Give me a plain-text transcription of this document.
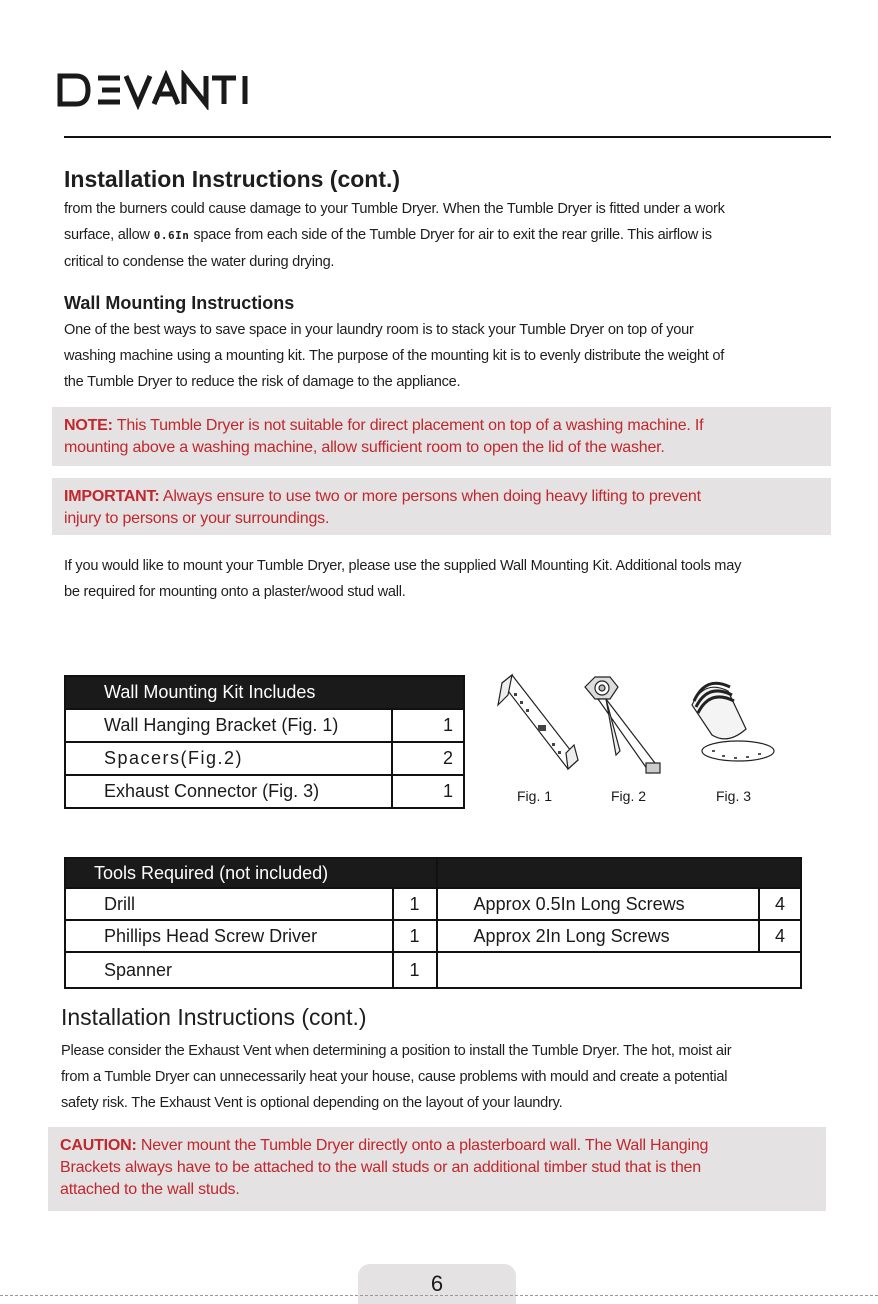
DEVANTI
Installation Instructions (cont.)
from the burners could cause damage to your Tumble Dryer. When the Tumble Dryer is fitted under a work
surface, allow 0.6In space from each side of the Tumble Dryer for air to exit the rear grille. This airflow is
critical to condense the water during drying.
Wall Mounting Instructions
One of the best ways to save space in your laundry room is to stack your Tumble Dryer on top of your
washing machine using a mounting kit. The purpose of the mounting kit is to evenly distribute the weight of
the Tumble Dryer to reduce the risk of damage to the appliance.
NOTE: This Tumble Dryer is not suitable for direct placement on top of a washing machine. If
mounting above a washing machine, allow sufficient room to open the lid of the washer.
IMPORTANT: Always ensure to use two or more persons when doing heavy lifting to prevent
injury to persons or your surroundings.
If you would like to mount your Tumble Dryer, please use the supplied Wall Mounting Kit. Additional tools may
be required for mounting onto a plaster/wood stud wall.
Wall Mounting Kit Includes	
Wall Hanging Bracket (Fig. 1)	1
Spacers(Fig.2)	2
Exhaust Connector (Fig. 3)	1	Fig. 1	Fig. 2	Fig. 3
Tools Required (not included)			
Drill	1	Approx 0.5In Long Screws	4
Phillips Head Screw Driver	1	Approx 2In Long Screws	4
Spanner	1		
Installation Instructions (cont.)
Please consider the Exhaust Vent when determining a position to install the Tumble Dryer. The hot, moist air
from a Tumble Dryer can unnecessarily heat your house, cause problems with mould and create a potential
safety risk. The Exhaust Vent is optional depending on the layout of your laundry.
CAUTION: Never mount the Tumble Dryer directly onto a plasterboard wall. The Wall Hanging
Brackets always have to be attached to the wall studs or an additional timber stud that is then
attached to the wall studs.
6
